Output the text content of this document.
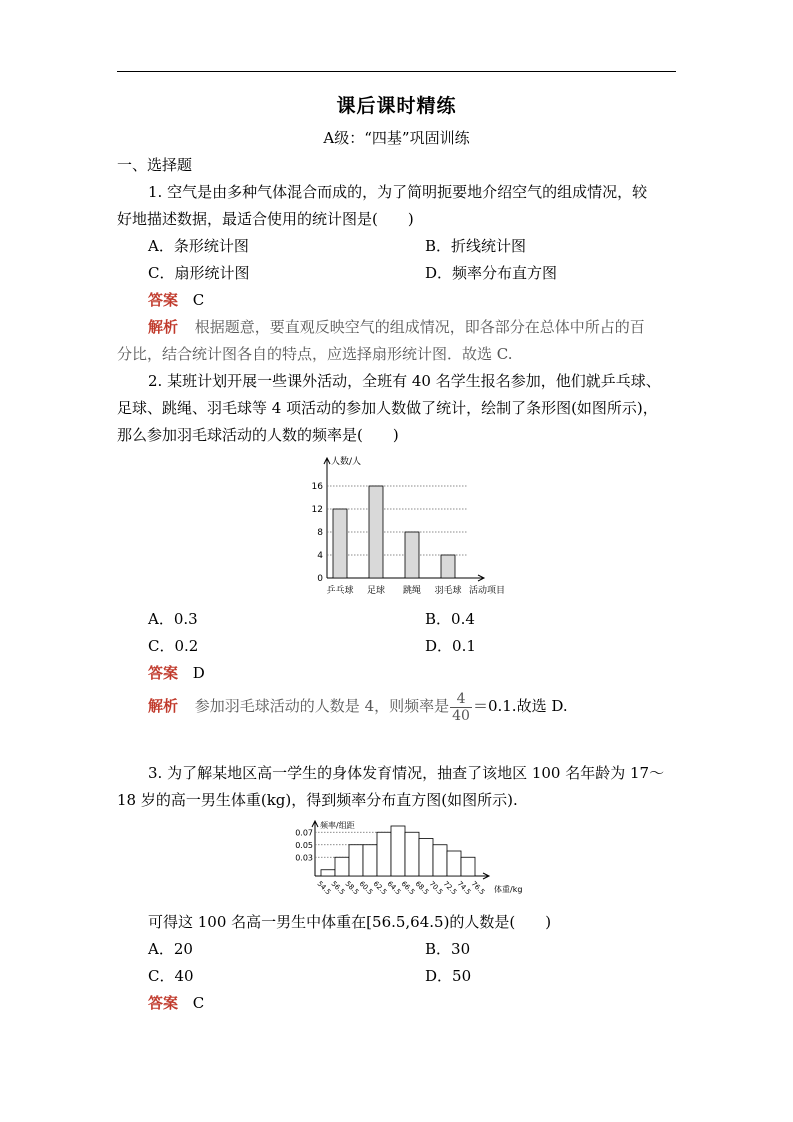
课后课时精练
A级：“四基”巩固训练
一、选择题
1. 空气是由多种气体混合而成的，为了简明扼要地介绍空气的组成情况，较
好地描述数据，最适合使用的统计图是(　　)
A．条形统计图	B．折线统计图
C．扇形统计图	D．频率分布直方图
答案 C
解析 根据题意，要直观反映空气的组成情况，即各部分在总体中所占的百
分比，结合统计图各自的特点，应选择扇形统计图．故选 C.
2. 某班计划开展一些课外活动，全班有 40 名学生报名参加，他们就乒乓球、
足球、跳绳、羽毛球等 4 项活动的参加人数做了统计，绘制了条形图(如图所示)，
那么参加羽毛球活动的人数的频率是(　　)
人数/人
活动项目
0
4
8
12
16
乒乓球 足球 跳绳 羽毛球
A．0.3	B．0.4
C．0.2	D．0.1
答案 D
解析 参加羽毛球活动的人数是 4，则频率是 $\frac{4}{40} =0.1$.故选 D.
3. 为了解某地区高一学生的身体发育情况，抽查了该地区 100 名年龄为 17～
18 岁的高一男生体重(kg)，得到频率分布直方图(如图所示).
频率/组距
体重/kg
0.03
0.05
0.07
54.5
56.5
58.5
60.5
62.5
64.5
66.5
68.5
70.5
72.5
74.5
76.5
可得这 100 名高一男生中体重在[56.5,64.5)的人数是(　　)
A．20	B．30
C．40	D．50
答案 C
